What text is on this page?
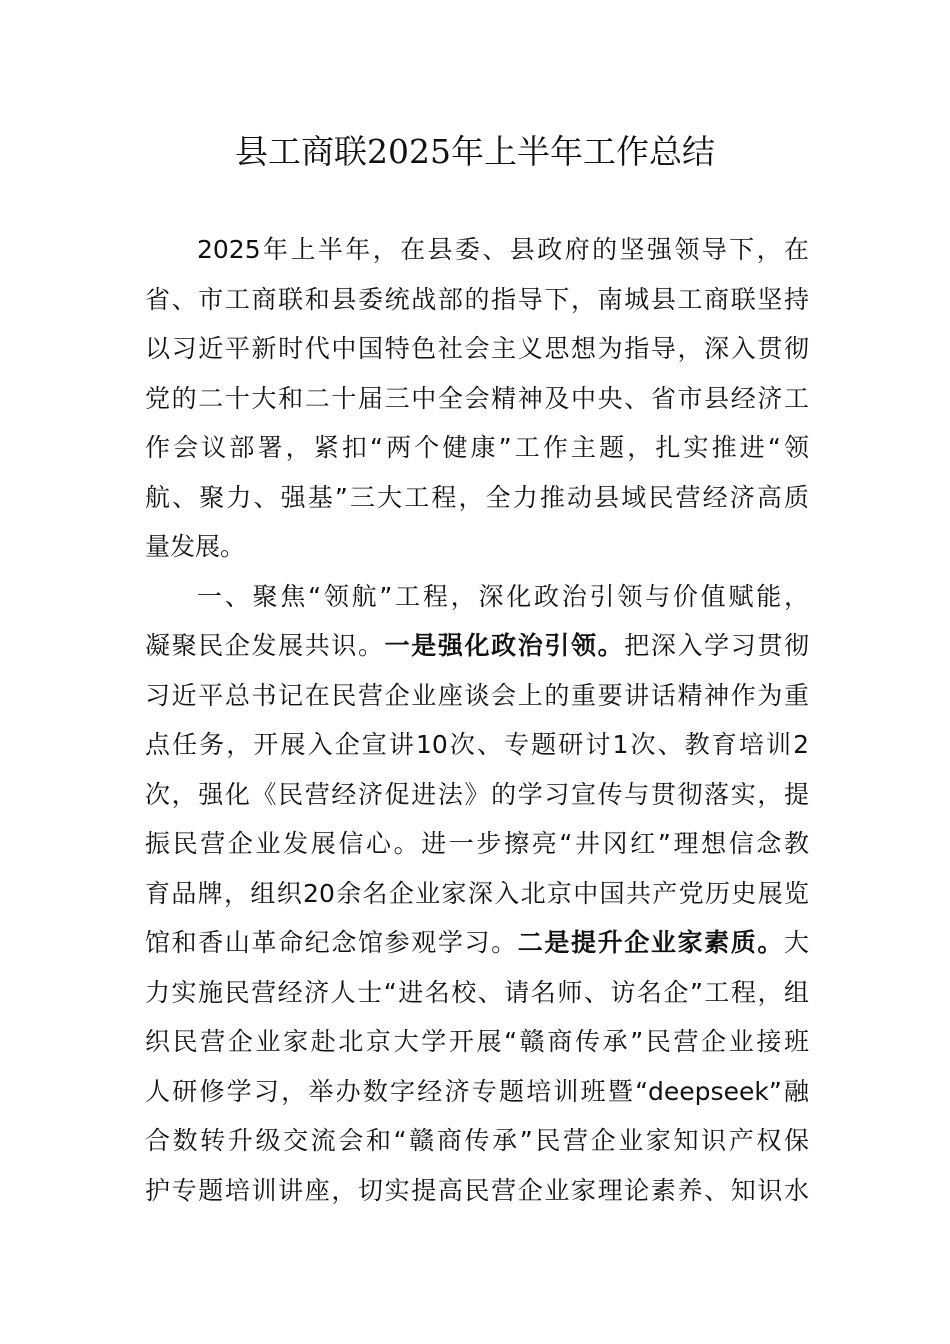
县工商联2025年上半年工作总结
2025年上半年，在县委、县政府的坚强领导下，在
省、市工商联和县委统战部的指导下，南城县工商联坚持
以习近平新时代中国特色社会主义思想为指导，深入贯彻
党的二十大和二十届三中全会精神及中央、省市县经济工
作会议部署，紧扣“两个健康”工作主题，扎实推进“领
航、聚力、强基”三大工程，全力推动县域民营经济高质
量发展。
一、聚焦“领航”工程，深化政治引领与价值赋能，
凝聚民企发展共识。一是强化政治引领。把深入学习贯彻
习近平总书记在民营企业座谈会上的重要讲话精神作为重
点任务，开展入企宣讲10次、专题研讨1次、教育培训2
次，强化《民营经济促进法》的学习宣传与贯彻落实，提
振民营企业发展信心。进一步擦亮“井冈红”理想信念教
育品牌，组织20余名企业家深入北京中国共产党历史展览
馆和香山革命纪念馆参观学习。二是提升企业家素质。大
力实施民营经济人士“进名校、请名师、访名企”工程，组
织民营企业家赴北京大学开展“赣商传承”民营企业接班
人研修学习，举办数字经济专题培训班暨“deepseek”融
合数转升级交流会和“赣商传承”民营企业家知识产权保
护专题培训讲座，切实提高民营企业家理论素养、知识水
